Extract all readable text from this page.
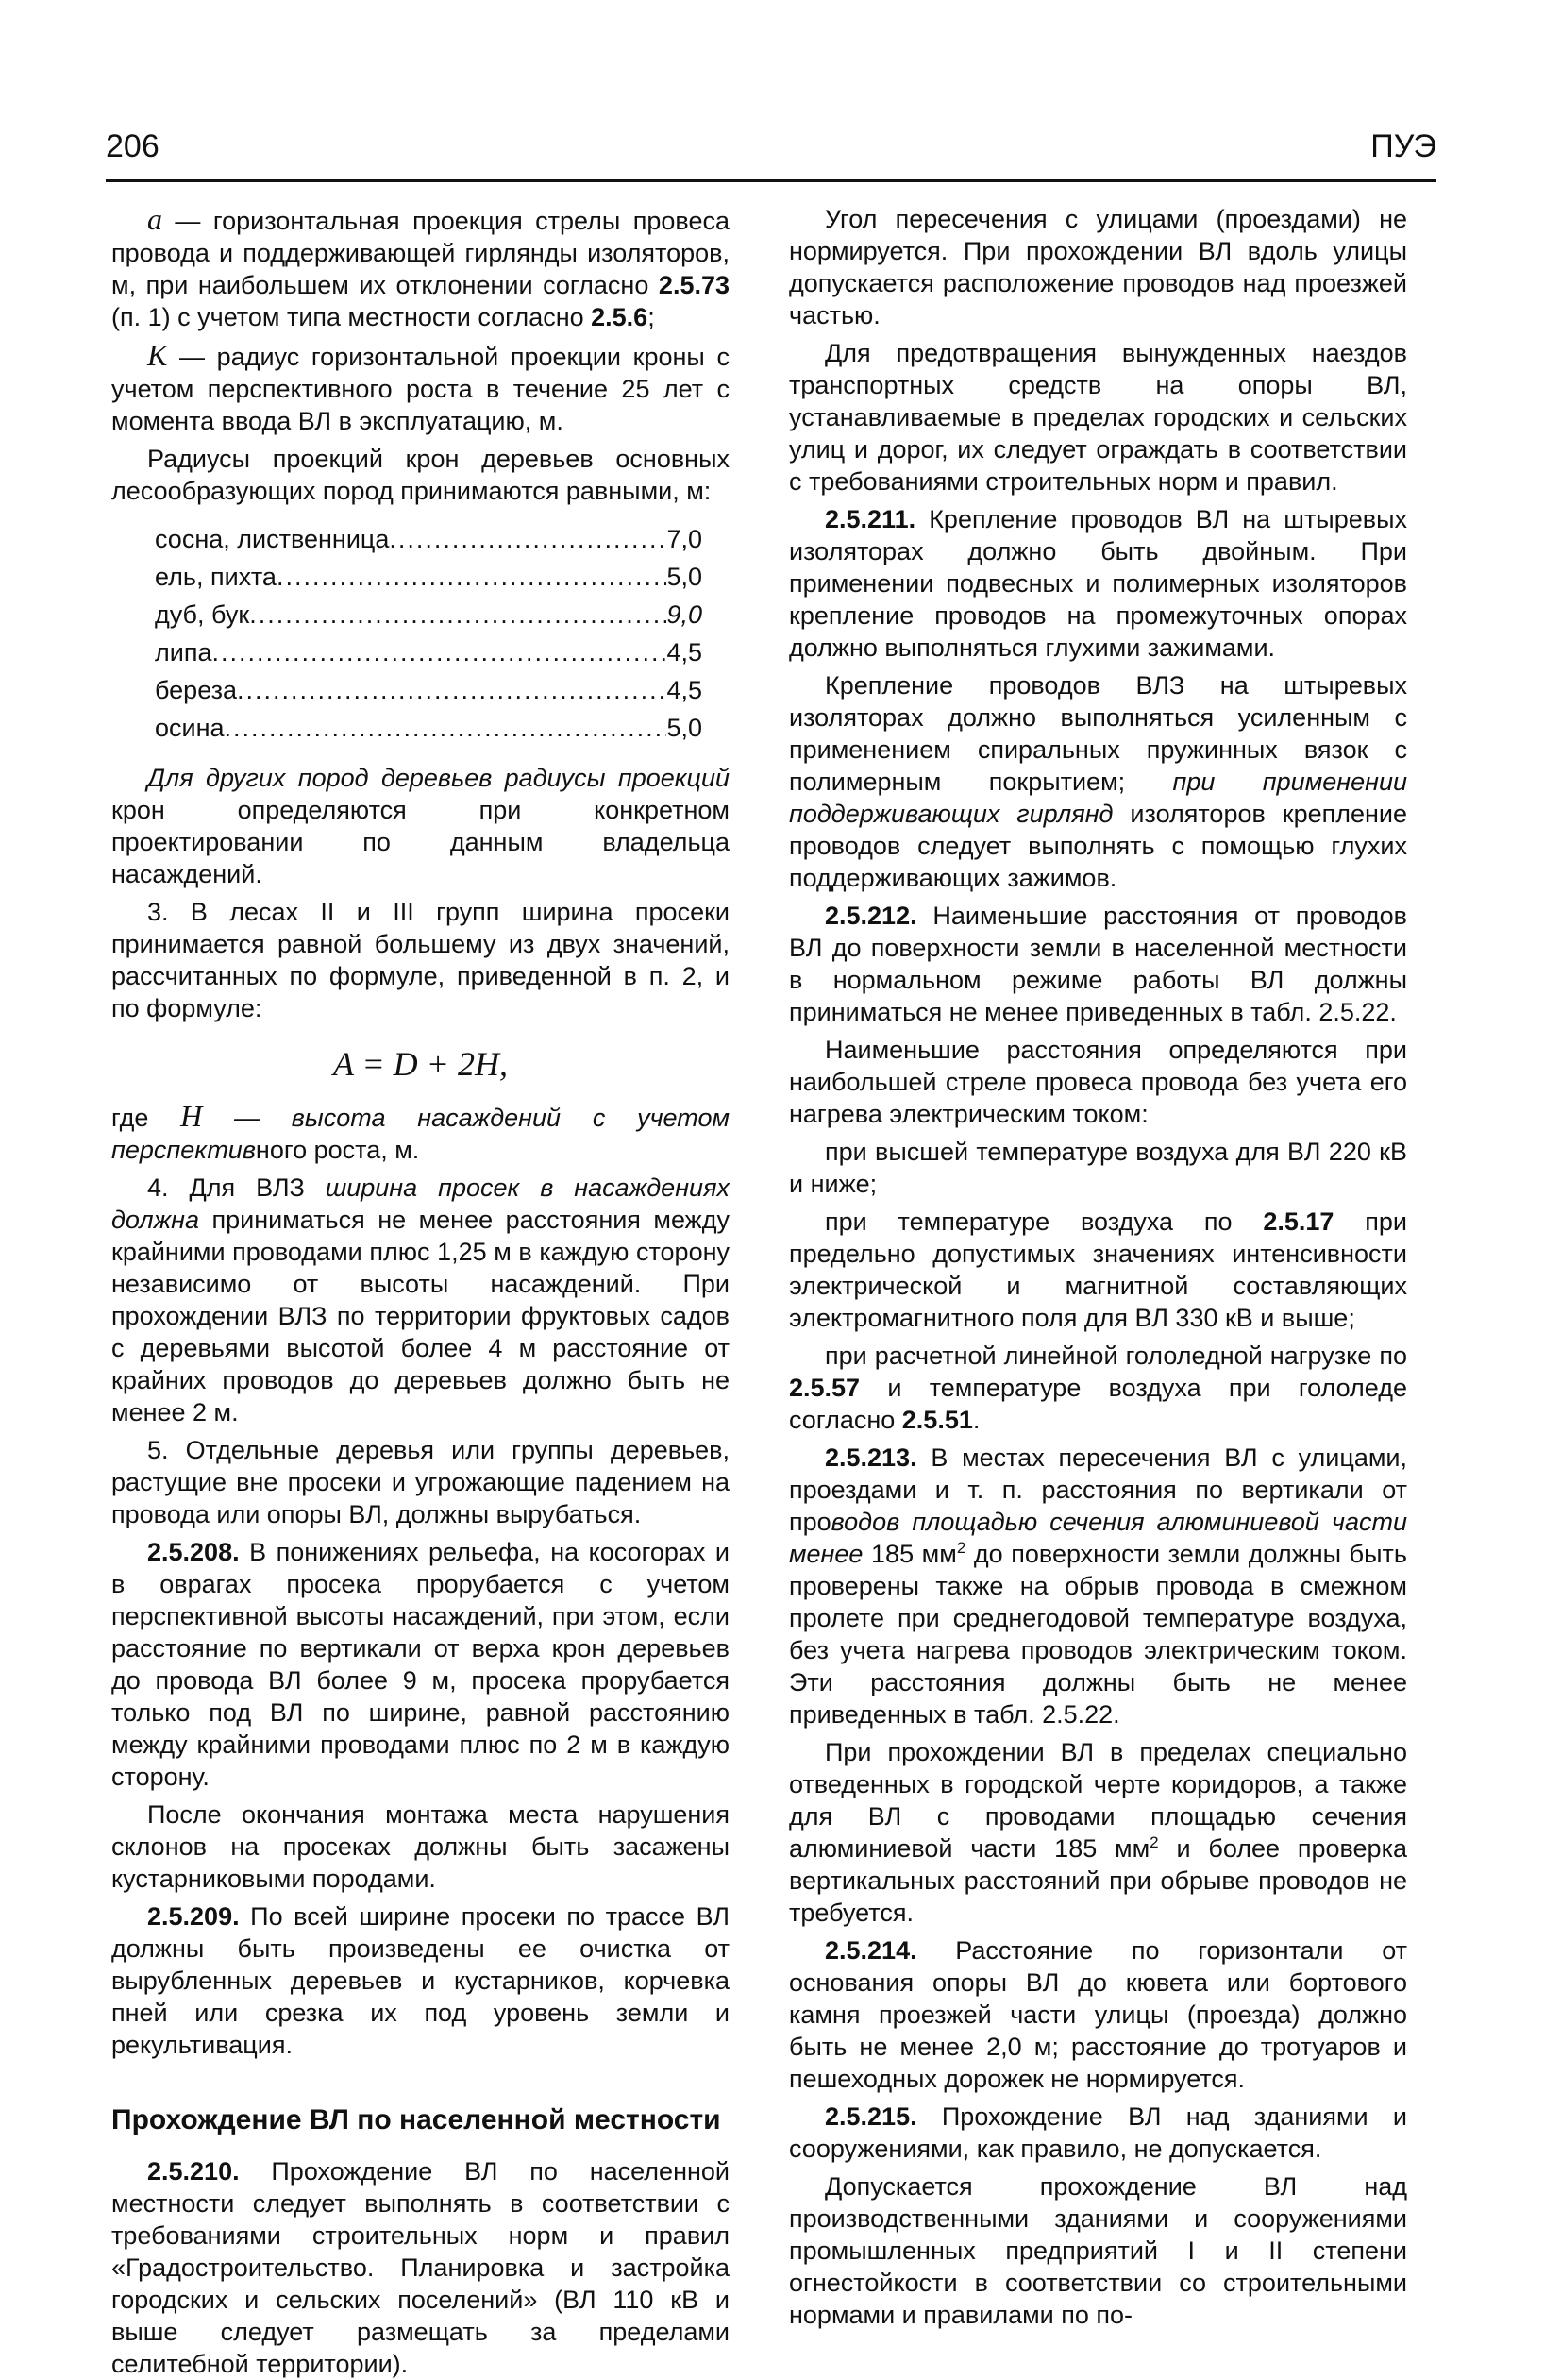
206	ПУЭ

a — горизонтальная проекция стрелы провеса провода и поддерживающей гирлянды изоляторов, м, при наибольшем их отклонении согласно 2.5.73 (п. 1) с учетом типа местности согласно 2.5.6;

K — радиус горизонтальной проекции кроны с учетом перспективного роста в течение 25 лет с момента ввода ВЛ в эксплуатацию, м.

Радиусы проекций крон деревьев основных лесообразующих пород принимаются равными, м:

сосна, лиственница .....	7,0
ель, пихта .....	5,0
дуб, бук .....	9,0
липа .....	4,5
береза .....	4,5
осина .....	5,0

Для других пород деревьев радиусы проекций крон определяются при конкретном проектировании по данным владельца насаждений.

3. В лесах II и III групп ширина просеки принимается равной большему из двух значений, рассчитанных по формуле, приведенной в п. 2, и по формуле:

A = D + 2H,

где H — высота насаждений с учетом перспективного роста, м.

4. Для ВЛЗ ширина просек в насаждениях должна приниматься не менее расстояния между крайними проводами плюс 1,25 м в каждую сторону независимо от высоты насаждений. При прохождении ВЛЗ по территории фруктовых садов с деревьями высотой более 4 м расстояние от крайних проводов до деревьев должно быть не менее 2 м.

5. Отдельные деревья или группы деревьев, растущие вне просеки и угрожающие падением на провода или опоры ВЛ, должны вырубаться.

2.5.208. В понижениях рельефа, на косогорах и в оврагах просека прорубается с учетом перспективной высоты насаждений, при этом, если расстояние по вертикали от верха крон деревьев до провода ВЛ более 9 м, просека прорубается только под ВЛ по ширине, равной расстоянию между крайними проводами плюс по 2 м в каждую сторону.

После окончания монтажа места нарушения склонов на просеках должны быть засажены кустарниковыми породами.

2.5.209. По всей ширине просеки по трассе ВЛ должны быть произведены ее очистка от вырубленных деревьев и кустарников, корчевка пней или срезка их под уровень земли и рекультивация.

Прохождение ВЛ по населенной местности

2.5.210. Прохождение ВЛ по населенной местности следует выполнять в соответствии с требованиями строительных норм и правил «Градостроительство. Планировка и застройка городских и сельских поселений» (ВЛ 110 кВ и выше следует размещать за пределами селитебной территории).

Угол пересечения с улицами (проездами) не нормируется. При прохождении ВЛ вдоль улицы допускается расположение проводов над проезжей частью.

Для предотвращения вынужденных наездов транспортных средств на опоры ВЛ, устанавливаемые в пределах городских и сельских улиц и дорог, их следует ограждать в соответствии с требованиями строительных норм и правил.

2.5.211. Крепление проводов ВЛ на штыревых изоляторах должно быть двойным. При применении подвесных и полимерных изоляторов крепление проводов на промежуточных опорах должно выполняться глухими зажимами.

Крепление проводов ВЛЗ на штыревых изоляторах должно выполняться усиленным с применением спиральных пружинных вязок с полимерным покрытием; при применении поддерживающих гирлянд изоляторов крепление проводов следует выполнять с помощью глухих поддерживающих зажимов.

2.5.212. Наименьшие расстояния от проводов ВЛ до поверхности земли в населенной местности в нормальном режиме работы ВЛ должны приниматься не менее приведенных в табл. 2.5.22.

Наименьшие расстояния определяются при наибольшей стреле провеса провода без учета его нагрева электрическим током:

при высшей температуре воздуха для ВЛ 220 кВ и ниже;

при температуре воздуха по 2.5.17 при предельно допустимых значениях интенсивности электрической и магнитной составляющих электромагнитного поля для ВЛ 330 кВ и выше;

при расчетной линейной гололедной нагрузке по 2.5.57 и температуре воздуха при гололеде согласно 2.5.51.

2.5.213. В местах пересечения ВЛ с улицами, проездами и т. п. расстояния по вертикали от проводов площадью сечения алюминиевой части менее 185 $мм^2$ до поверхности земли должны быть проверены также на обрыв провода в смежном пролете при среднегодовой температуре воздуха, без учета нагрева проводов электрическим током. Эти расстояния должны быть не менее приведенных в табл. 2.5.22.

При прохождении ВЛ в пределах специально отведенных в городской черте коридоров, а также для ВЛ с проводами площадью сечения алюминиевой части 185 $мм^2$ и более проверка вертикальных расстояний при обрыве проводов не требуется.

2.5.214. Расстояние по горизонтали от основания опоры ВЛ до кювета или бортового камня проезжей части улицы (проезда) должно быть не менее 2,0 м; расстояние до тротуаров и пешеходных дорожек не нормируется.

2.5.215. Прохождение ВЛ над зданиями и сооружениями, как правило, не допускается.

Допускается прохождение ВЛ над производственными зданиями и сооружениями промышленных предприятий I и II степени огнестойкости в соответствии со строительными нормами и правилами по по-
